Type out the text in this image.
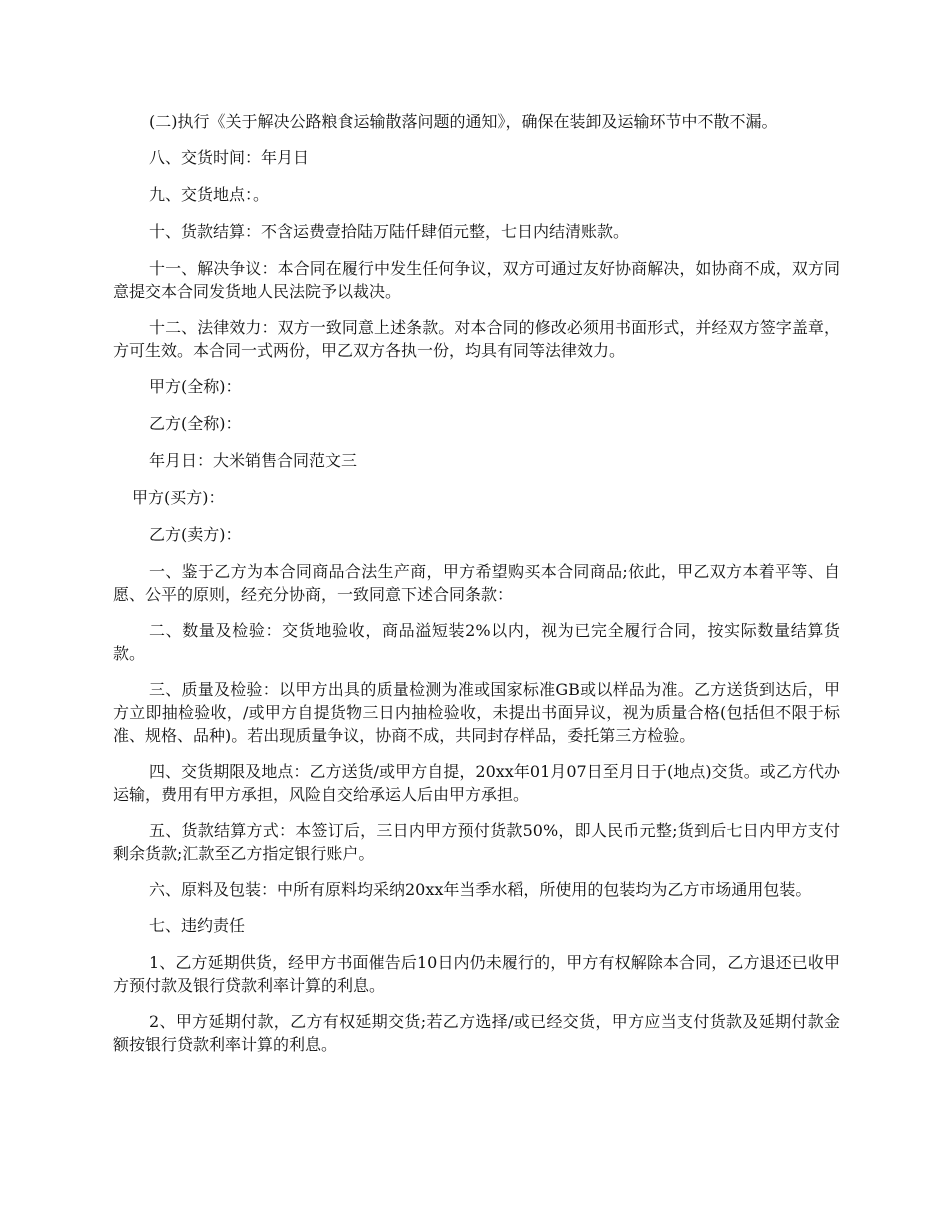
(二)执行《关于解决公路粮食运输散落问题的通知》，确保在装卸及运输环节中不散不漏。

八、交货时间：年月日

九、交货地点：。

十、货款结算：不含运费壹拾陆万陆仟肆佰元整，七日内结清账款。

十一、解决争议：本合同在履行中发生任何争议，双方可通过友好协商解决，如协商不成，双方同意提交本合同发货地人民法院予以裁决。

十二、法律效力：双方一致同意上述条款。对本合同的修改必须用书面形式，并经双方签字盖章，方可生效。本合同一式两份，甲乙双方各执一份，均具有同等法律效力。

甲方(全称)：

乙方(全称)：

年月日：大米销售合同范文三

甲方(买方)：

乙方(卖方)：

一、鉴于乙方为本合同商品合法生产商，甲方希望购买本合同商品;依此，甲乙双方本着平等、自愿、公平的原则，经充分协商，一致同意下述合同条款：

二、数量及检验：交货地验收，商品溢短装2%以内，视为已完全履行合同，按实际数量结算货款。

三、质量及检验：以甲方出具的质量检测为准或国家标准GB或以样品为准。乙方送货到达后，甲方立即抽检验收，/或甲方自提货物三日内抽检验收，未提出书面异议，视为质量合格(包括但不限于标准、规格、品种)。若出现质量争议，协商不成，共同封存样品，委托第三方检验。

四、交货期限及地点：乙方送货/或甲方自提，20xx年01月07日至月日于(地点)交货。或乙方代办运输，费用有甲方承担，风险自交给承运人后由甲方承担。

五、货款结算方式：本签订后，三日内甲方预付货款50%，即人民币元整;货到后七日内甲方支付剩余货款;汇款至乙方指定银行账户。

六、原料及包装：中所有原料均采纳20xx年当季水稻，所使用的包装均为乙方市场通用包装。

七、违约责任

1、乙方延期供货，经甲方书面催告后10日内仍未履行的，甲方有权解除本合同，乙方退还已收甲方预付款及银行贷款利率计算的利息。

2、甲方延期付款，乙方有权延期交货;若乙方选择/或已经交货，甲方应当支付货款及延期付款金额按银行贷款利率计算的利息。
